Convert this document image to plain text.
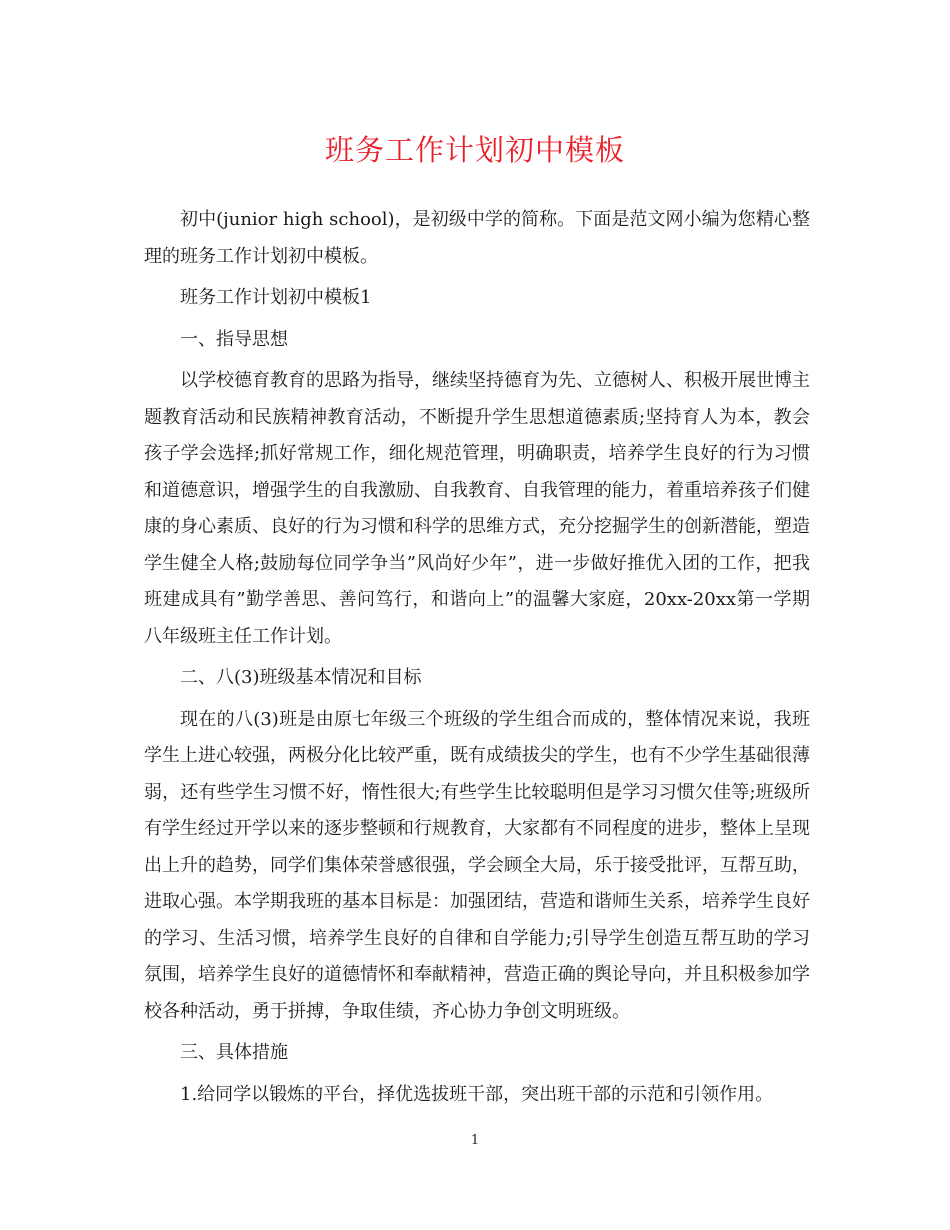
班务工作计划初中模板

初中(junior high school)，是初级中学的简称。下面是范文网小编为您精心整理的班务工作计划初中模板。

班务工作计划初中模板1

一、指导思想

以学校德育教育的思路为指导，继续坚持德育为先、立德树人、积极开展世博主题教育活动和民族精神教育活动，不断提升学生思想道德素质;坚持育人为本，教会孩子学会选择;抓好常规工作，细化规范管理，明确职责，培养学生良好的行为习惯和道德意识，增强学生的自我激励、自我教育、自我管理的能力，着重培养孩子们健康的身心素质、良好的行为习惯和科学的思维方式，充分挖掘学生的创新潜能，塑造学生健全人格;鼓励每位同学争当”风尚好少年”，进一步做好推优入团的工作，把我班建成具有”勤学善思、善问笃行，和谐向上”的温馨大家庭，20xx-20xx第一学期八年级班主任工作计划。

二、八(3)班级基本情况和目标

现在的八(3)班是由原七年级三个班级的学生组合而成的，整体情况来说，我班学生上进心较强，两极分化比较严重，既有成绩拔尖的学生，也有不少学生基础很薄弱，还有些学生习惯不好，惰性很大;有些学生比较聪明但是学习习惯欠佳等;班级所有学生经过开学以来的逐步整顿和行规教育，大家都有不同程度的进步，整体上呈现出上升的趋势，同学们集体荣誉感很强，学会顾全大局，乐于接受批评，互帮互助，进取心强。本学期我班的基本目标是：加强团结，营造和谐师生关系，培养学生良好的学习、生活习惯，培养学生良好的自律和自学能力;引导学生创造互帮互助的学习氛围，培养学生良好的道德情怀和奉献精神，营造正确的舆论导向，并且积极参加学校各种活动，勇于拼搏，争取佳绩，齐心协力争创文明班级。

三、具体措施

1.给同学以锻炼的平台，择优选拔班干部，突出班干部的示范和引领作用。

1
